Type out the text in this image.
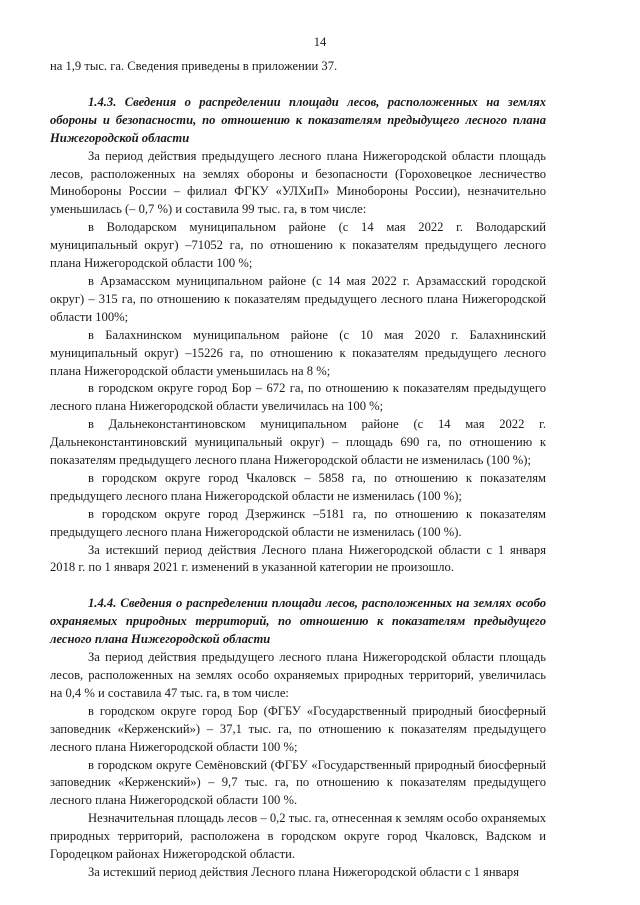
14

на 1,9 тыс. га. Сведения приведены в приложении 37.

1.4.3. Сведения о распределении площади лесов, расположенных на землях обороны и безопасности, по отношению к показателям предыдущего лесного плана Нижегородской области

За период действия предыдущего лесного плана Нижегородской области площадь лесов, расположенных на землях обороны и безопасности (Гороховецкое лесничество Минобороны России – филиал ФГКУ «УЛХиП» Минобороны России), незначительно уменьшилась (– 0,7 %) и составила 99 тыс. га, в том числе:

в Володарском муниципальном районе (с 14 мая 2022 г. Володарский муниципальный округ) –71052 га, по отношению к показателям предыдущего лесного плана Нижегородской области 100 %;

в Арзамасском муниципальном районе (с 14 мая 2022 г. Арзамасский городской округ) – 315 га, по отношению к показателям предыдущего лесного плана Нижегородской области 100%;

в Балахнинском муниципальном районе (с 10 мая 2020 г. Балахнинский муниципальный округ) –15226 га, по отношению к показателям предыдущего лесного плана Нижегородской области уменьшилась на 8 %;

в городском округе город Бор – 672 га, по отношению к показателям предыдущего лесного плана Нижегородской области увеличилась на 100 %;

в Дальнеконстантиновском муниципальном районе (с 14 мая 2022 г. Дальнеконстантиновский муниципальный округ) – площадь 690 га, по отношению к показателям предыдущего лесного плана Нижегородской области не изменилась (100 %);

в городском округе город Чкаловск – 5858 га, по отношению к показателям предыдущего лесного плана Нижегородской области не изменилась (100 %);

в городском округе город Дзержинск –5181 га, по отношению к показателям предыдущего лесного плана Нижегородской области не изменилась (100 %).

За истекший период действия Лесного плана Нижегородской области с 1 января 2018 г. по 1 января 2021 г. изменений в указанной категории не произошло.

1.4.4. Сведения о распределении площади лесов, расположенных на землях особо охраняемых природных территорий, по отношению к показателям предыдущего лесного плана Нижегородской области

За период действия предыдущего лесного плана Нижегородской области площадь лесов, расположенных на землях особо охраняемых природных территорий, увеличилась на 0,4 % и составила 47 тыс. га, в том числе:

в городском округе город Бор (ФГБУ «Государственный природный биосферный заповедник «Керженский») – 37,1 тыс. га, по отношению к показателям предыдущего лесного плана Нижегородской области 100 %;

в городском округе Семёновский (ФГБУ «Государственный природный биосферный заповедник «Керженский») – 9,7 тыс. га, по отношению к показателям предыдущего лесного плана Нижегородской области 100 %.

Незначительная площадь лесов – 0,2 тыс. га, отнесенная к землям особо охраняемых природных территорий, расположена в городском округе город Чкаловск, Вадском и Городецком районах Нижегородской области.

За истекший период действия Лесного плана Нижегородской области с 1 января
